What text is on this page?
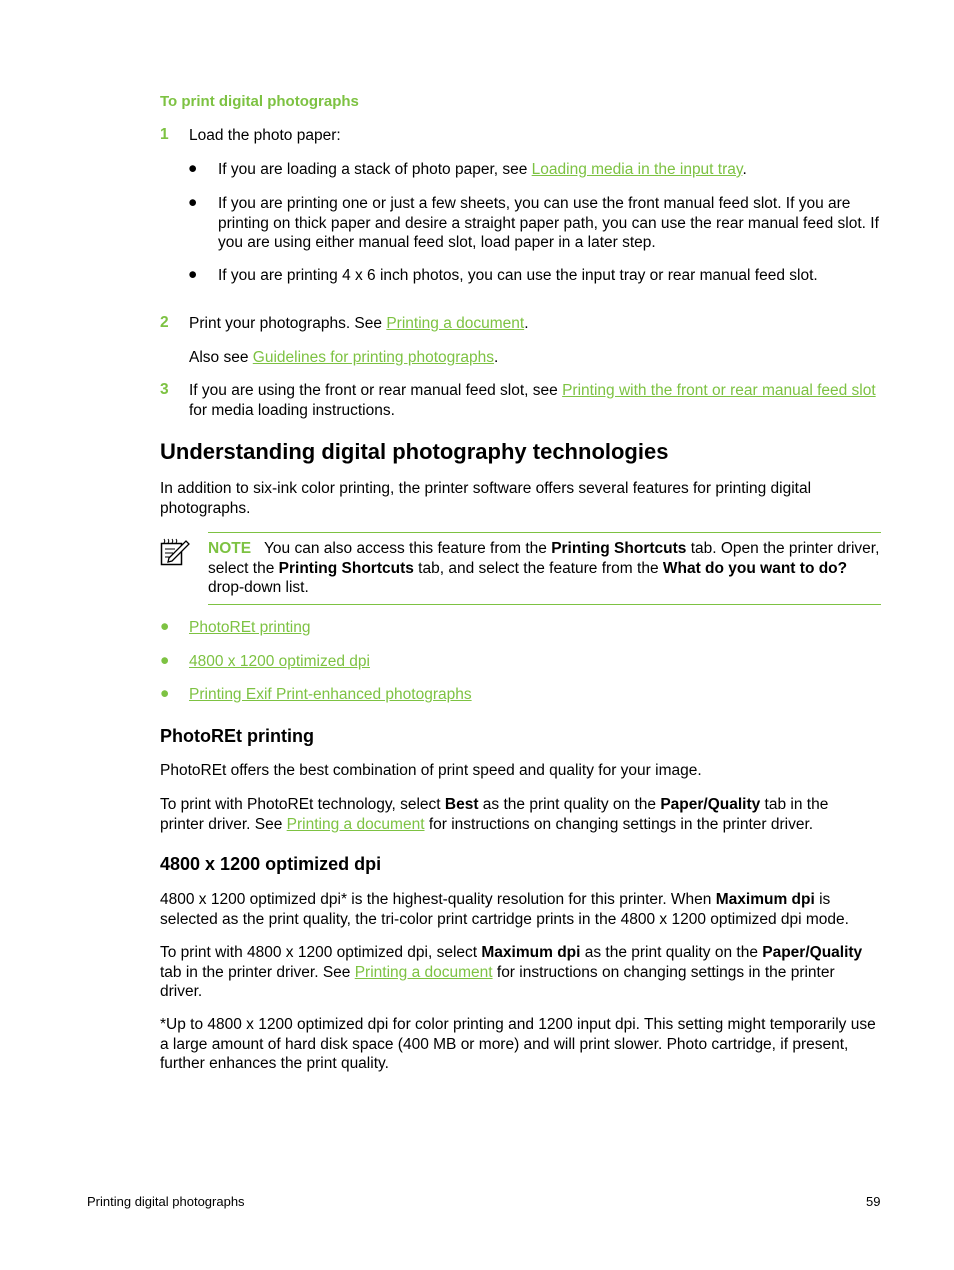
To print digital photographs
1 Load the photo paper:
● If you are loading a stack of photo paper, see Loading media in the input tray.
● If you are printing one or just a few sheets, you can use the front manual feed slot. If you are printing on thick paper and desire a straight paper path, you can use the rear manual feed slot. If you are using either manual feed slot, load paper in a later step.
● If you are printing 4 x 6 inch photos, you can use the input tray or rear manual feed slot.
2 Print your photographs. See Printing a document.
Also see Guidelines for printing photographs.
3 If you are using the front or rear manual feed slot, see Printing with the front or rear manual feed slot for media loading instructions.
Understanding digital photography technologies
In addition to six-ink color printing, the printer software offers several features for printing digital photographs.
NOTE You can also access this feature from the Printing Shortcuts tab. Open the printer driver, select the Printing Shortcuts tab, and select the feature from the What do you want to do? drop-down list.
● PhotoREt printing
● 4800 x 1200 optimized dpi
● Printing Exif Print-enhanced photographs
PhotoREt printing
PhotoREt offers the best combination of print speed and quality for your image.
To print with PhotoREt technology, select Best as the print quality on the Paper/Quality tab in the printer driver. See Printing a document for instructions on changing settings in the printer driver.
4800 x 1200 optimized dpi
4800 x 1200 optimized dpi* is the highest-quality resolution for this printer. When Maximum dpi is selected as the print quality, the tri-color print cartridge prints in the 4800 x 1200 optimized dpi mode.
To print with 4800 x 1200 optimized dpi, select Maximum dpi as the print quality on the Paper/Quality tab in the printer driver. See Printing a document for instructions on changing settings in the printer driver.
*Up to 4800 x 1200 optimized dpi for color printing and 1200 input dpi. This setting might temporarily use a large amount of hard disk space (400 MB or more) and will print slower. Photo cartridge, if present, further enhances the print quality.
Printing digital photographs	59
